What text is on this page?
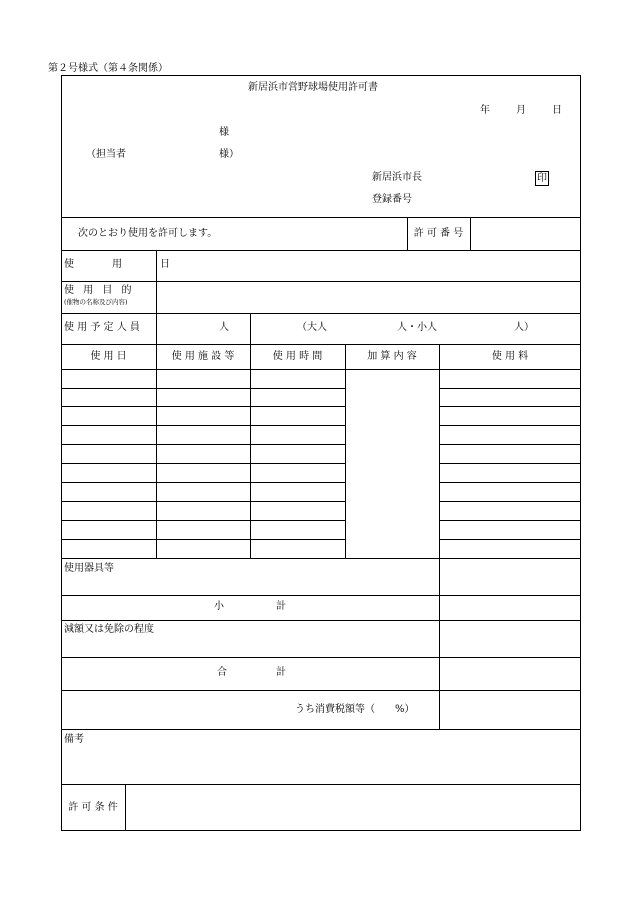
第２号様式（第４条関係）
新居浜市営野球場使用許可書
年	月	日
様
（担当者	様）
新居浜市長	印
登録番号
次のとおり使用を許可します。	許 可 番 号
使　用　日
使 用 目 的
(催物の名称及び内容)
使 用 予 定 人 員	人	（大人	人・小人	人）
使 用 日	使 用 施 設 等	使 用 時 間	加 算 内 容	使 用 料
使用器具等
小	計
減額又は免除の程度
合	計
うち消費税額等（　　%）
備考
許 可 条 件
